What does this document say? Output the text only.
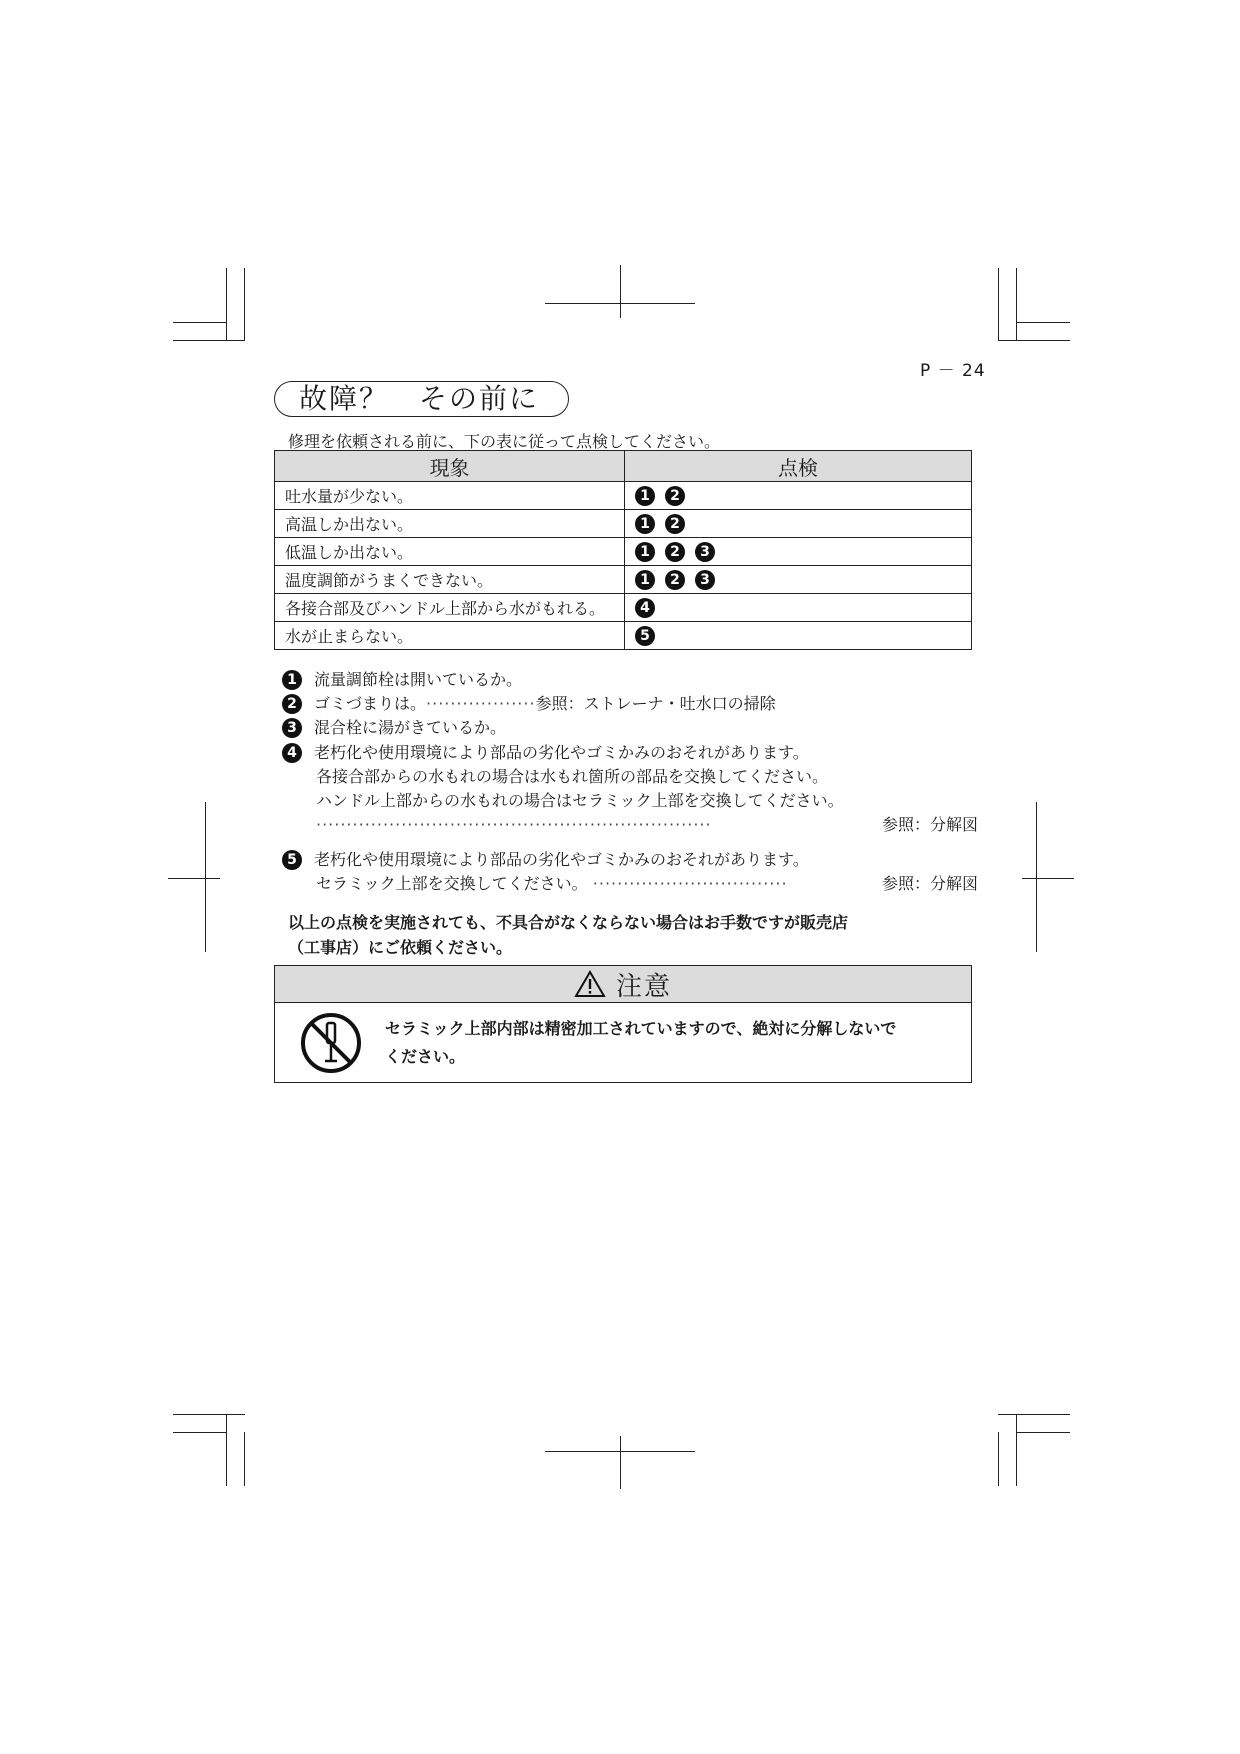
P － 24
故障？　その前に
修理を依頼される前に、下の表に従って点検してください。
現象	点検
吐水量が少ない。	1 2
高温しか出ない。	1 2
低温しか出ない。	1 2 3
温度調節がうまくできない。	1 2 3
各接合部及びハンドル上部から水がもれる。	4
水が止まらない。	5
1	流量調節栓は開いているか。
2	ゴミづまりは。 ·················· 参照：ストレーナ・吐水口の掃除
3	混合栓に湯がきているか。
4	老朽化や使用環境により部品の劣化やゴミかみのおそれがあります。
各接合部からの水もれの場合は水もれ箇所の部品を交換してください。
ハンドル上部からの水もれの場合はセラミック上部を交換してください。
·································································	参照：分解図
5	老朽化や使用環境により部品の劣化やゴミかみのおそれがあります。
セラミック上部を交換してください。 ································	参照：分解図
以上の点検を実施されても、不具合がなくならない場合はお手数ですが販売店
（工事店）にご依頼ください。
注意
セラミック上部内部は精密加工されていますので、絶対に分解しないで
ください。
